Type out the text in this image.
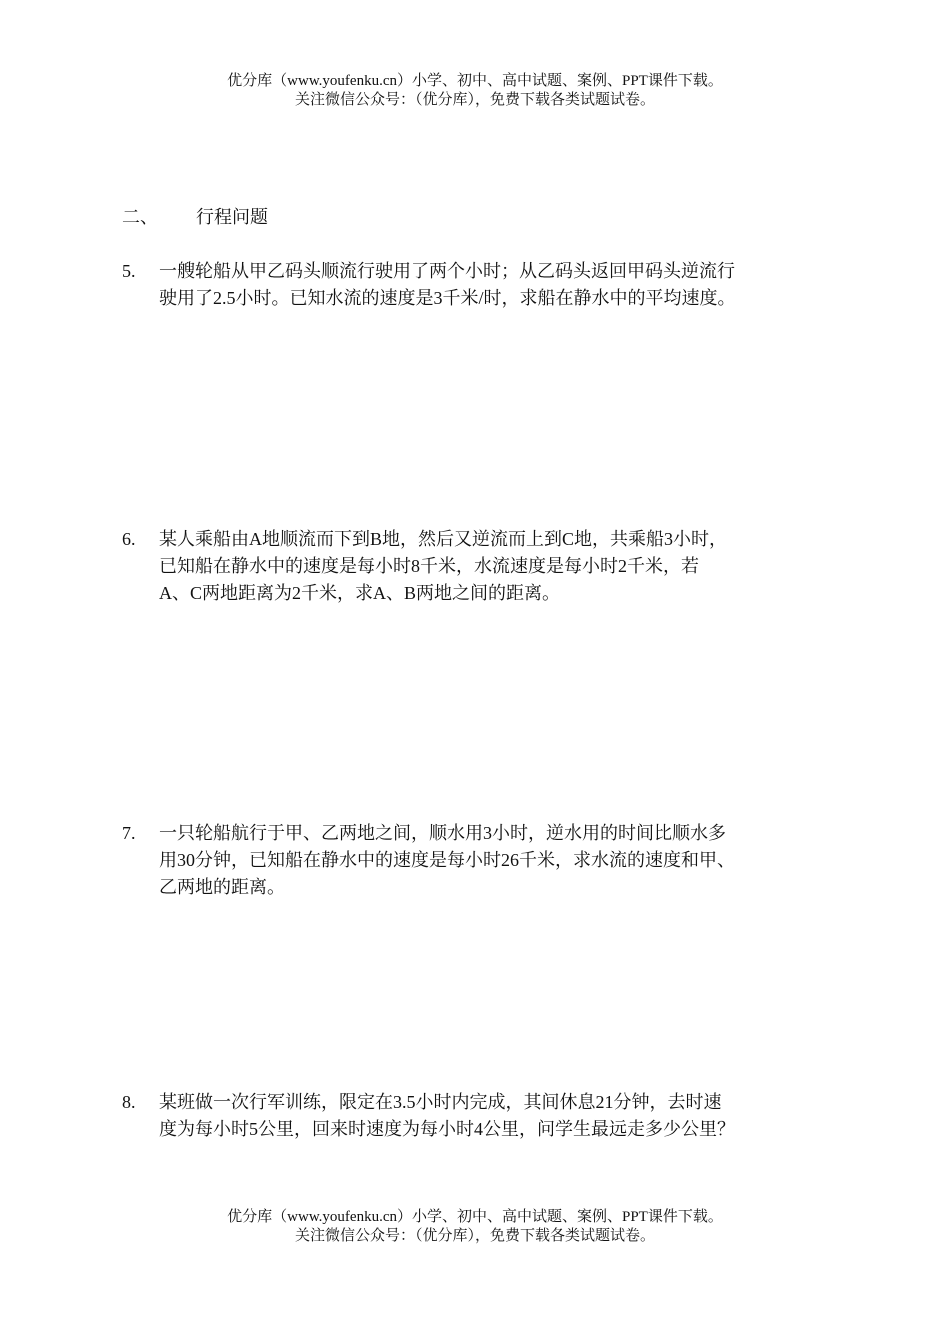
优分库（www.youfenku.cn）小学、初中、高中试题、案例、PPT课件下载。
关注微信公众号：（优分库），免费下载各类试题试卷。
二、 行程问题
5.	一艘轮船从甲乙码头顺流行驶用了两个小时；从乙码头返回甲码头逆流行
驶用了2.5小时。已知水流的速度是3千米/时，求船在静水中的平均速度。
6.	某人乘船由A地顺流而下到B地，然后又逆流而上到C地，共乘船3小时，
已知船在静水中的速度是每小时8千米，水流速度是每小时2千米，若
A、C两地距离为2千米，求A、B两地之间的距离。
7.	一只轮船航行于甲、乙两地之间，顺水用3小时，逆水用的时间比顺水多
用30分钟，已知船在静水中的速度是每小时26千米，求水流的速度和甲、
乙两地的距离。
8.	某班做一次行军训练，限定在3.5小时内完成，其间休息21分钟，去时速
度为每小时5公里，回来时速度为每小时4公里，问学生最远走多少公里？
优分库（www.youfenku.cn）小学、初中、高中试题、案例、PPT课件下载。
关注微信公众号：（优分库），免费下载各类试题试卷。
